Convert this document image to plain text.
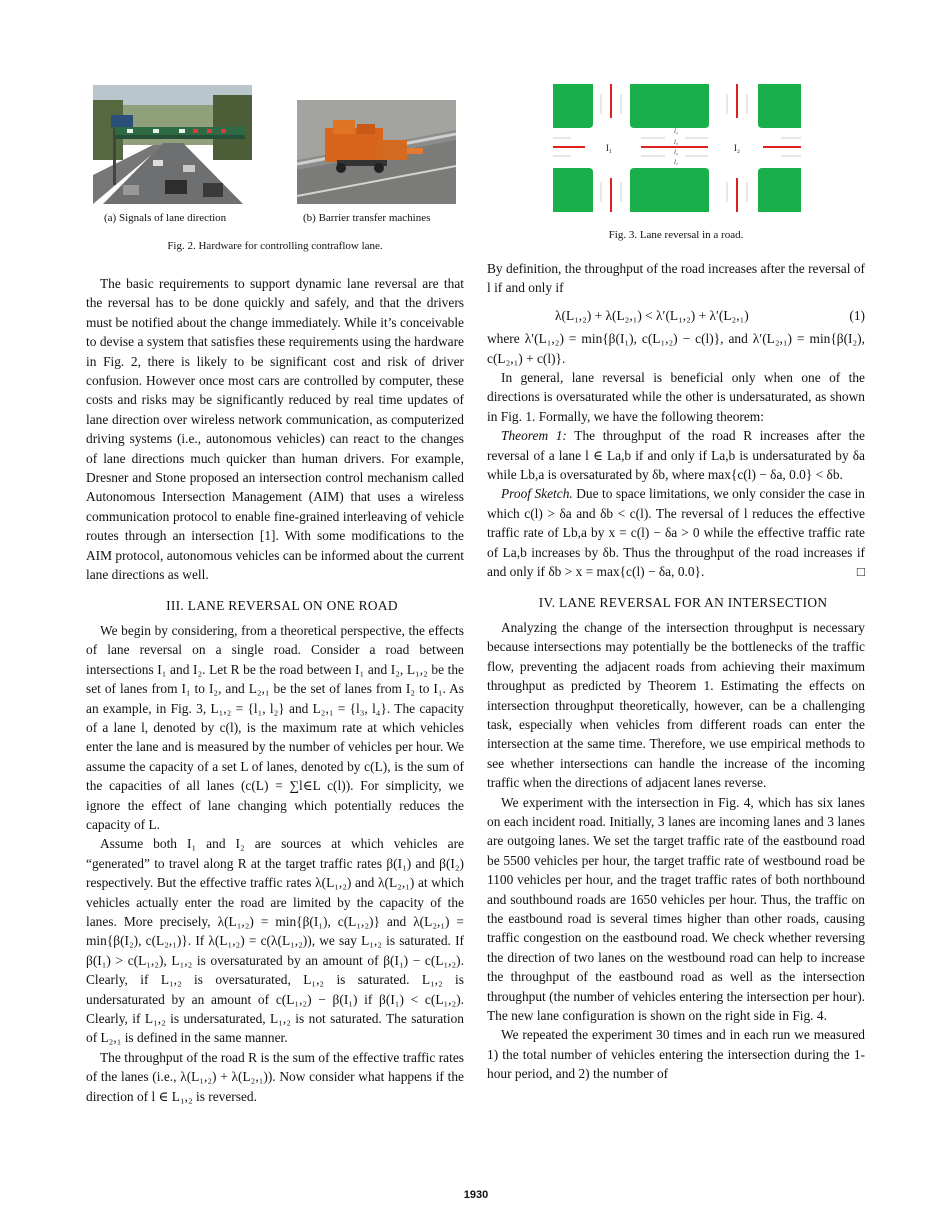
(a) Signals of lane direction	(b) Barrier transfer machines
Fig. 2. Hardware for controlling contraflow lane.
I₁	I₂
l₄
l₃
l₂
l₁
Fig. 3. Lane reversal in a road.

The basic requirements to support dynamic lane reversal are that the reversal has to be done quickly and safely, and that the drivers must be notified about the change immediately. While it’s conceivable to devise a system that satisfies these requirements using the hardware in Fig. 2, there is likely to be significant cost and risk of driver confusion. However once most cars are controlled by computer, these costs and risks may be significantly reduced by real time updates of lane direction over wireless network communication, as computerized driving systems (i.e., autonomous vehicles) can react to the changes of lane directions much quicker than human drivers. For example, Dresner and Stone proposed an intersection control mechanism called Autonomous Intersection Management (AIM) that uses a wireless communication protocol to enable fine-grained interleaving of vehicle routes through an intersection [1]. With some modifications to the AIM protocol, autonomous vehicles can be informed about the current lane directions as well.

III. LANE REVERSAL ON ONE ROAD

We begin by considering, from a theoretical perspective, the effects of lane reversal on a single road. Consider a road between intersections I₁ and I₂. Let R be the road between I₁ and I₂, L₁,₂ be the set of lanes from I₁ to I₂, and L₂,₁ be the set of lanes from I₂ to I₁. As an example, in Fig. 3, L₁,₂ = {l₁, l₂} and L₂,₁ = {l₃, l₄}. The capacity of a lane l, denoted by c(l), is the maximum rate at which vehicles enter the lane and is measured by the number of vehicles per hour. We assume the capacity of a set L of lanes, denoted by c(L), is the sum of the capacities of all lanes (c(L) = ∑l∈L c(l)). For simplicity, we ignore the effect of lane changing which potentially reduces the capacity of L.

Assume both I₁ and I₂ are sources at which vehicles are “generated” to travel along R at the target traffic rates β(I₁) and β(I₂) respectively. But the effective traffic rates λ(L₁,₂) and λ(L₂,₁) at which vehicles actually enter the road are limited by the capacity of the lanes. More precisely, λ(L₁,₂) = min{β(I₁), c(L₁,₂)} and λ(L₂,₁) = min{β(I₂), c(L₂,₁)}. If λ(L₁,₂) = c(λ(L₁,₂)), we say L₁,₂ is saturated. If β(I₁) > c(L₁,₂), L₁,₂ is oversaturated by an amount of β(I₁) − c(L₁,₂). Clearly, if L₁,₂ is oversaturated, L₁,₂ is saturated. L₁,₂ is undersaturated by an amount of c(L₁,₂) − β(I₁) if β(I₁) < c(L₁,₂). Clearly, if L₁,₂ is undersaturated, L₁,₂ is not saturated. The saturation of L₂,₁ is defined in the same manner.

The throughput of the road R is the sum of the effective traffic rates of the lanes (i.e., λ(L₁,₂) + λ(L₂,₁)). Now consider what happens if the direction of l ∈ L₁,₂ is reversed.

By definition, the throughput of the road increases after the reversal of l if and only if

λ(L₁,₂) + λ(L₂,₁) < λ′(L₁,₂) + λ′(L₂,₁)	(1)

where λ′(L₁,₂) = min{β(I₁), c(L₁,₂) − c(l)}, and λ′(L₂,₁) = min{β(I₂), c(L₂,₁) + c(l)}.

In general, lane reversal is beneficial only when one of the directions is oversaturated while the other is undersaturated, as shown in Fig. 1. Formally, we have the following theorem:

Theorem 1: The throughput of the road R increases after the reversal of a lane l ∈ La,b if and only if La,b is undersaturated by δa while Lb,a is oversaturated by δb, where max{c(l) − δa, 0.0} < δb.

Proof Sketch. Due to space limitations, we only consider the case in which c(l) > δa and δb < c(l). The reversal of l reduces the effective traffic rate of Lb,a by x = c(l) − δa > 0 while the effective traffic rate of La,b increases by δb. Thus the throughput of the road increases if and only if δb > x = max{c(l) − δa, 0.0}.	□

IV. LANE REVERSAL FOR AN INTERSECTION

Analyzing the change of the intersection throughput is necessary because intersections may potentially be the bottlenecks of the traffic flow, preventing the adjacent roads from achieving their maximum throughput as predicted by Theorem 1. Estimating the effects on intersection throughput theoretically, however, can be a challenging task, especially when vehicles from different roads can enter the intersection at the same time. Therefore, we use empirical methods to see whether intersections can handle the increase of the incoming traffic when the directions of adjacent lanes reverse.

We experiment with the intersection in Fig. 4, which has six lanes on each incident road. Initially, 3 lanes are incoming lanes and 3 lanes are outgoing lanes. We set the target traffic rate of the eastbound road be 5500 vehicles per hour, the target traffic rate of westbound road be 1100 vehicles per hour, and the traget traffic rates of both northbound and southbound roads are 1650 vehicles per hour. Thus, the traffic on the eastbound road is several times higher than other roads, causing traffic congestion on the eastbound road. We check whether reversing the direction of two lanes on the westbound road can help to increase the throughput of the eastbound road as well as the intersection throughput (the number of vehicles entering the intersection per hour). The new lane configuration is shown on the right side in Fig. 4.

We repeated the experiment 30 times and in each run we measured 1) the total number of vehicles entering the intersection during the 1-hour period, and 2) the number of

1930
